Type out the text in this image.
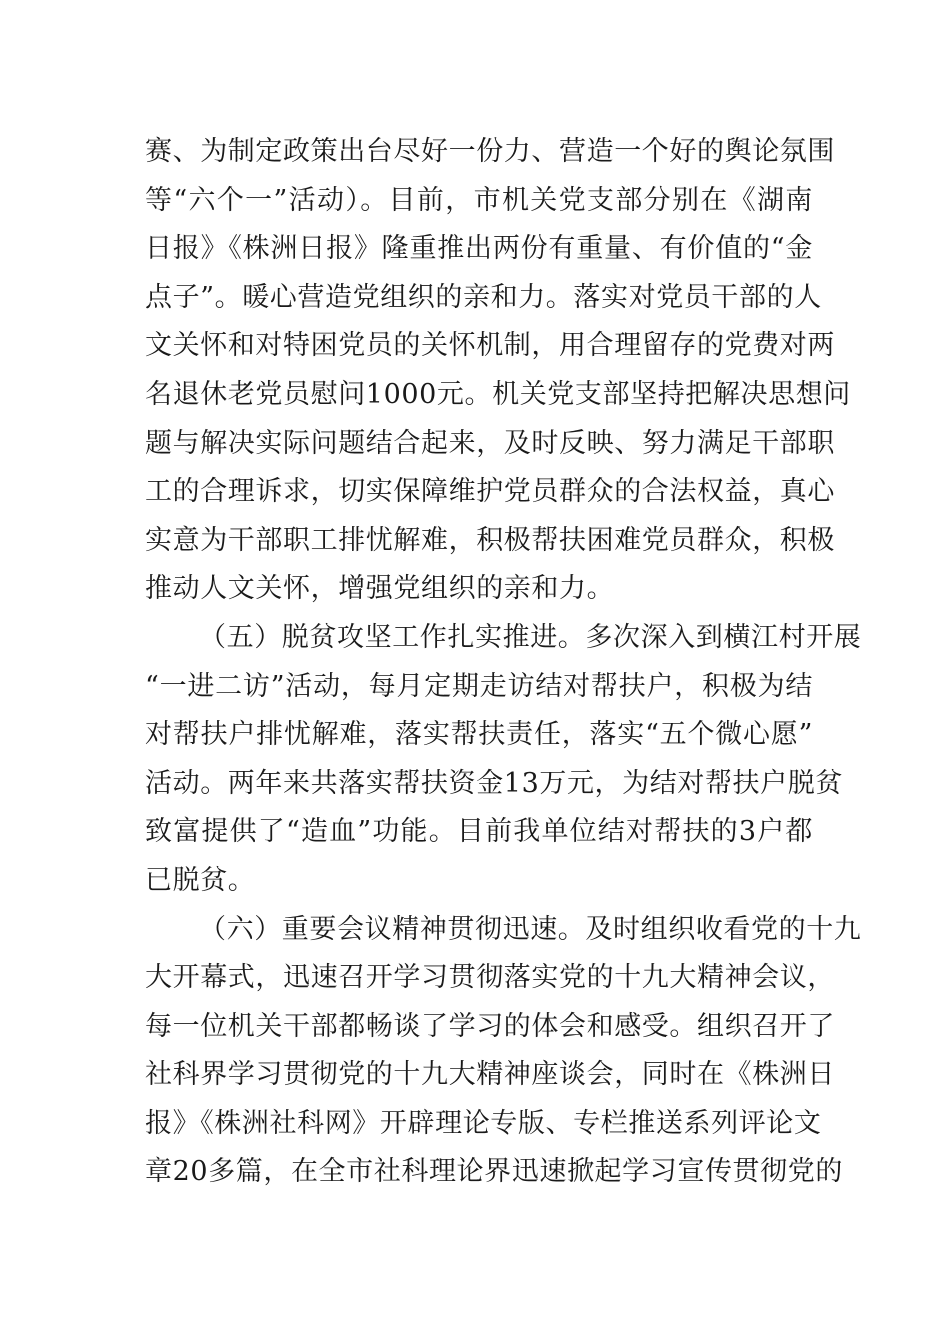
赛、为制定政策出台尽好一份力、营造一个好的舆论氛围
等“六个一”活动）。目前，市机关党支部分别在《湖南
日报》《株洲日报》隆重推出两份有重量、有价值的“金
点子”。暖心营造党组织的亲和力。落实对党员干部的人
文关怀和对特困党员的关怀机制，用合理留存的党费对两
名退休老党员慰问1000元。机关党支部坚持把解决思想问
题与解决实际问题结合起来，及时反映、努力满足干部职
工的合理诉求，切实保障维护党员群众的合法权益，真心
实意为干部职工排忧解难，积极帮扶困难党员群众，积极
推动人文关怀，增强党组织的亲和力。
（五）脱贫攻坚工作扎实推进。多次深入到横江村开展
“一进二访”活动，每月定期走访结对帮扶户，积极为结
对帮扶户排忧解难，落实帮扶责任，落实“五个微心愿”
活动。两年来共落实帮扶资金13万元，为结对帮扶户脱贫
致富提供了“造血”功能。目前我单位结对帮扶的3户都
已脱贫。
（六）重要会议精神贯彻迅速。及时组织收看党的十九
大开幕式，迅速召开学习贯彻落实党的十九大精神会议，
每一位机关干部都畅谈了学习的体会和感受。组织召开了
社科界学习贯彻党的十九大精神座谈会，同时在《株洲日
报》《株洲社科网》开辟理论专版、专栏推送系列评论文
章20多篇，在全市社科理论界迅速掀起学习宣传贯彻党的
